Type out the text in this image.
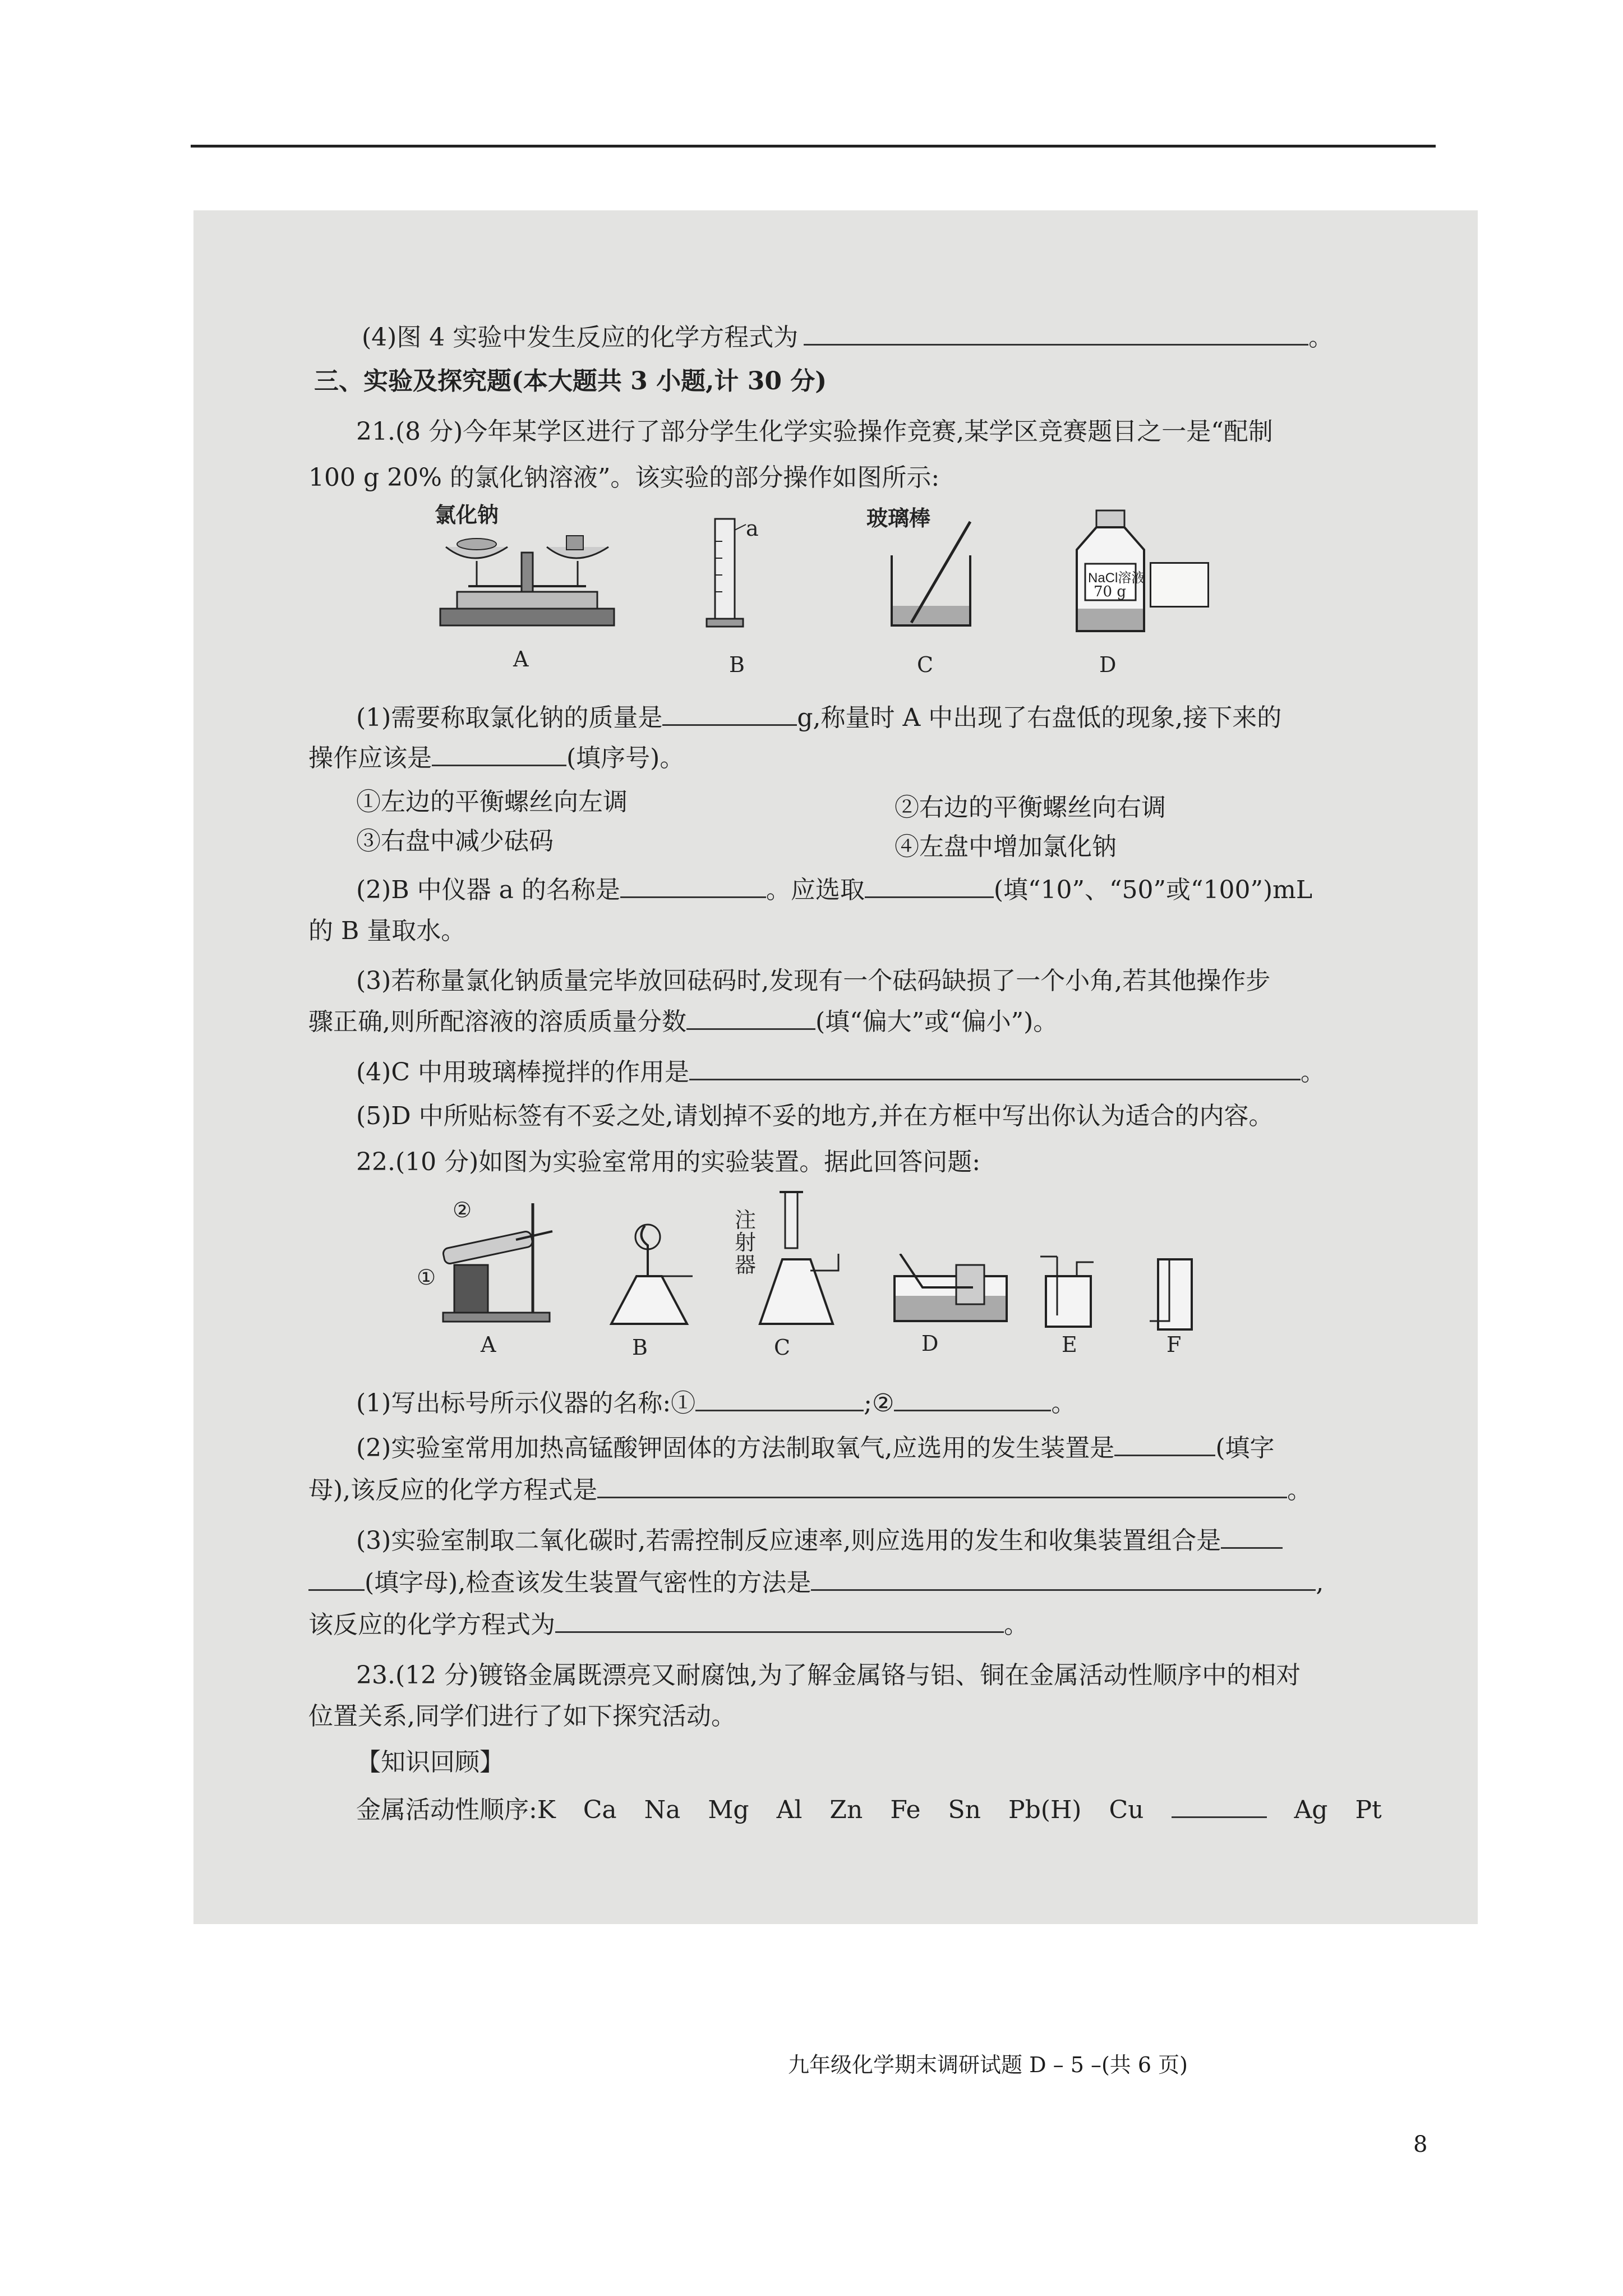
(4)图 4 实验中发生反应的化学方程式为	。
三、实验及探究题(本大题共 3 小题,计 30 分)
21.(8 分)今年某学区进行了部分学生化学实验操作竞赛,某学区竞赛题目之一是“配制
100 g 20% 的氯化钠溶液”。该实验的部分操作如图所示:
氯化钠
A
a
B
玻璃棒
C
NaCl溶液
70 g
D
(1)需要称取氯化钠的质量是	g,称量时 A 中出现了右盘低的现象,接下来的
操作应该是	(填序号)。
①左边的平衡螺丝向左调	②右边的平衡螺丝向右调
③右盘中减少砝码	④左盘中增加氯化钠
(2)B 中仪器 a 的名称是	。应选取	(填“10”、“50”或“100”)mL
的 B 量取水。
(3)若称量氯化钠质量完毕放回砝码时,发现有一个砝码缺损了一个小角,若其他操作步
骤正确,则所配溶液的溶质质量分数	(填“偏大”或“偏小”)。
(4)C 中用玻璃棒搅拌的作用是	。
(5)D 中所贴标签有不妥之处,请划掉不妥的地方,并在方框中写出你认为适合的内容。
22.(10 分)如图为实验室常用的实验装置。据此回答问题:
②
①
A	B
注射器
C	D	E	F
(1)写出标号所示仪器的名称:①	;②	。
(2)实验室常用加热高锰酸钾固体的方法制取氧气,应选用的发生装置是	(填字
母),该反应的化学方程式是	。
(3)实验室制取二氧化碳时,若需控制反应速率,则应选用的发生和收集装置组合是
(填字母),检查该发生装置气密性的方法是	,
该反应的化学方程式为	。
23.(12 分)镀铬金属既漂亮又耐腐蚀,为了解金属铬与铝、铜在金属活动性顺序中的相对
位置关系,同学们进行了如下探究活动。
【知识回顾】
金属活动性顺序:K Ca Na Mg Al Zn Fe Sn Pb(H) Cu	Ag Pt
九年级化学期末调研试题 D – 5 –(共 6 页)
8
